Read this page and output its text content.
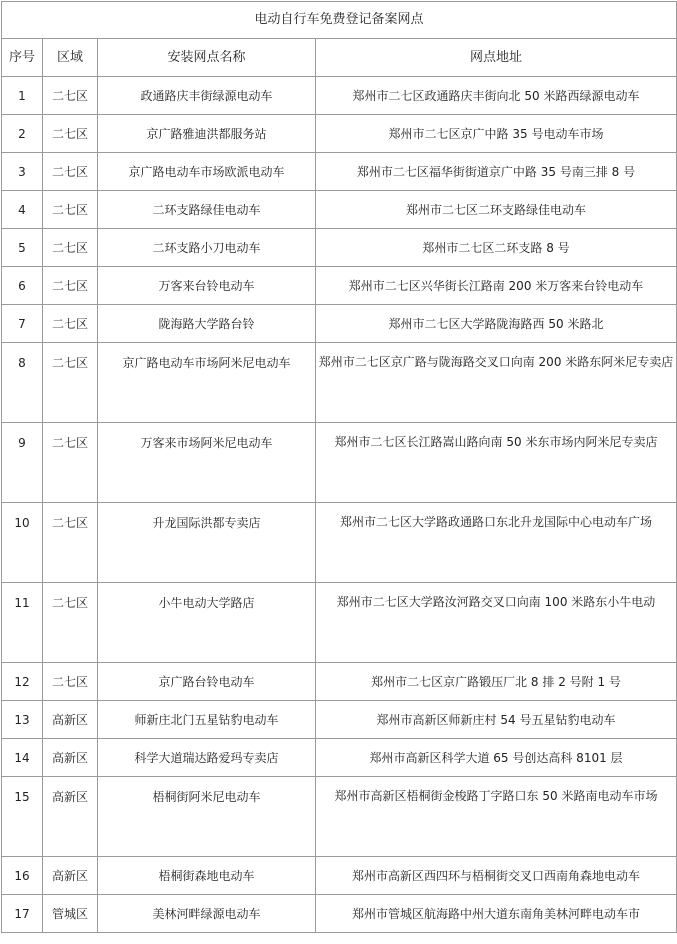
电动自行车免费登记备案网点			
序号	区域	安装网点名称	网点地址
1	二七区	政通路庆丰街绿源电动车	郑州市二七区政通路庆丰街向北 50 米路西绿源电动车
2	二七区	京广路雅迪洪都服务站	郑州市二七区京广中路 35 号电动车市场
3	二七区	京广路电动车市场欧派电动车	郑州市二七区福华街街道京广中路 35 号南三排 8 号
4	二七区	二环支路绿佳电动车	郑州市二七区二环支路绿佳电动车
5	二七区	二环支路小刀电动车	郑州市二七区二环支路 8 号
6	二七区	万客来台铃电动车	郑州市二七区兴华街长江路南 200 米万客来台铃电动车
7	二七区	陇海路大学路台铃	郑州市二七区大学路陇海路西 50 米路北
8	二七区	京广路电动车市场阿米尼电动车	郑州市二七区京广路与陇海路交叉口向南 200 米路东阿米尼专卖店
9	二七区	万客来市场阿米尼电动车	郑州市二七区长江路嵩山路向南 50 米东市场内阿米尼专卖店
10	二七区	升龙国际洪都专卖店	郑州市二七区大学路政通路口东北升龙国际中心电动车广场
11	二七区	小牛电动大学路店	郑州市二七区大学路汝河路交叉口向南 100 米路东小牛电动
12	二七区	京广路台铃电动车	郑州市二七区京广路锻压厂北 8 排 2 号附 1 号
13	高新区	师新庄北门五星钻豹电动车	郑州市高新区师新庄村 54 号五星钻豹电动车
14	高新区	科学大道瑞达路爱玛专卖店	郑州市高新区科学大道 65 号创达高科 8101 层
15	高新区	梧桐街阿米尼电动车	郑州市高新区梧桐街金梭路丁字路口东 50 米路南电动车市场
16	高新区	梧桐街森地电动车	郑州市高新区西四环与梧桐街交叉口西南角森地电动车
17	管城区	美林河畔绿源电动车	郑州市管城区航海路中州大道东南角美林河畔电动车市
